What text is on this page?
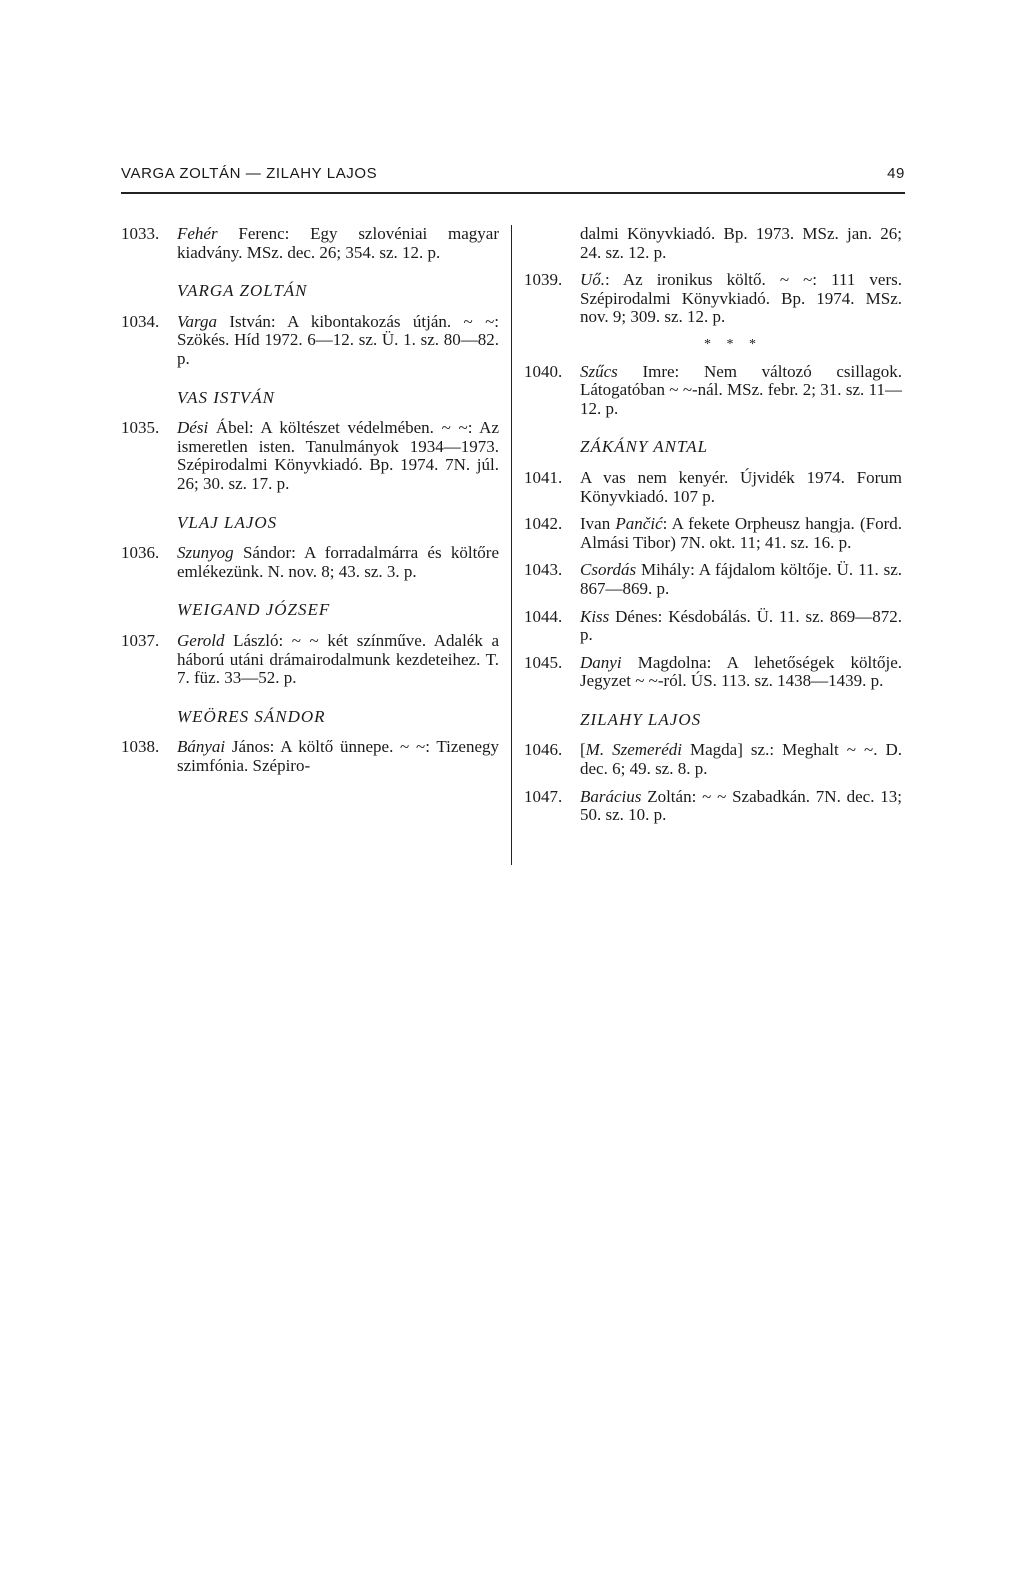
VARGA ZOLTÁN — ZILAHY LAJOS	49
1033. Fehér Ferenc: Egy szlovéniai magyar kiadvány. MSz. dec. 26; 354. sz. 12. p.
VARGA ZOLTÁN
1034. Varga István: A kibontakozás útján. ~ ~: Szökés. Híd 1972. 6—12. sz. Ü. 1. sz. 80—82. p.
VAS ISTVÁN
1035. Dési Ábel: A költészet védelmében. ~ ~: Az ismeretlen isten. Tanulmányok 1934—1973. Szépirodalmi Könyvkiadó. Bp. 1974. 7N. júl. 26; 30. sz. 17. p.
VLAJ LAJOS
1036. Szunyog Sándor: A forradalmárra és költőre emlékezünk. N. nov. 8; 43. sz. 3. p.
WEIGAND JÓZSEF
1037. Gerold László: ~ ~ két színműve. Adalék a háború utáni drámairodalmunk kezdeteihez. T. 7. füz. 33—52. p.
WEÖRES SÁNDOR
1038. Bányai János: A költő ünnepe. ~ ~: Tizenegy szimfónia. Szépiro-
dalmi Könyvkiadó. Bp. 1973. MSz. jan. 26; 24. sz. 12. p.
1039. Uő.: Az ironikus költő. ~ ~: 111 vers. Szépirodalmi Könyvkiadó. Bp. 1974. MSz. nov. 9; 309. sz. 12. p.
* * *
1040. Szűcs Imre: Nem változó csillagok. Látogatóban ~ ~-nál. MSz. febr. 2; 31. sz. 11—12. p.
ZÁKÁNY ANTAL
1041. A vas nem kenyér. Újvidék 1974. Forum Könyvkiadó. 107 p.
1042. Ivan Pančić: A fekete Orpheusz hangja. (Ford. Almási Tibor) 7N. okt. 11; 41. sz. 16. p.
1043. Csordás Mihály: A fájdalom költője. Ü. 11. sz. 867—869. p.
1044. Kiss Dénes: Késdobálás. Ü. 11. sz. 869—872. p.
1045. Danyi Magdolna: A lehetőségek költője. Jegyzet ~ ~-ról. ÚS. 113. sz. 1438—1439. p.
ZILAHY LAJOS
1046. [M. Szemerédi Magda] sz.: Meghalt ~ ~. D. dec. 6; 49. sz. 8. p.
1047. Barácius Zoltán: ~ ~ Szabadkán. 7N. dec. 13; 50. sz. 10. p.
